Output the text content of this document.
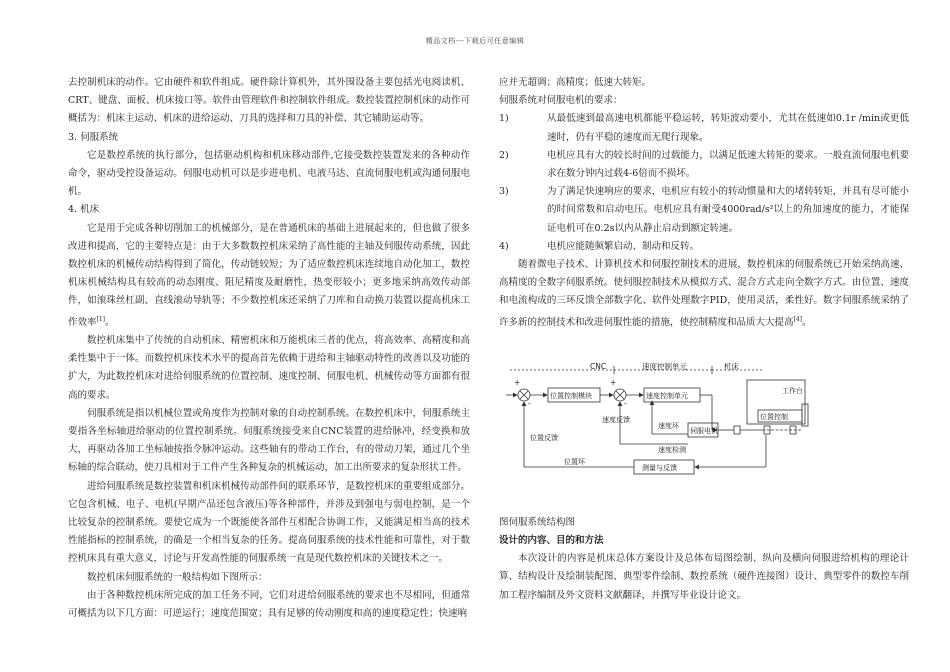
精品文档---下载后可任意编辑

去控制机床的动作。它由硬件和软件组成。硬件除计算机外，其外围设备主要包括光电阅读机、CRT、键盘、面板、机床接口等。软件由管理软件和控制软件组成。数控装置控制机床的动作可概括为：机床主运动、机床的进给运动、刀具的选择和刀具的补偿、其它辅助运动等。

3. 伺服系统

它是数控系统的执行部分，包括驱动机构和机床移动部件,它接受数控装置发来的各种动作命令，驱动受控设备运动。伺服电动机可以是步进电机、电液马达、直流伺服电机或沟通伺服电机。

4. 机床

它是用于完成各种切削加工的机械部分，是在普通机床的基础上进展起来的，但也做了很多改进和提高，它的主要特点是：由于大多数数控机床采纳了高性能的主轴及伺服传动系统，因此数控机床的机械传动结构得到了简化，传动链较短；为了适应数控机床连续地自动化加工，数控机床机械结构具有较高的动态刚度、阻尼精度及耐磨性，热变形较小；更多地采纳高效传动部件，如滚珠丝杠副、直线滚动导轨等；不少数控机床还采纳了刀库和自动换刀装置以提高机床工作效率[1]。

数控机床集中了传统的自动机床、精密机床和万能机床三者的优点，将高效率、高精度和高柔性集中于一体。而数控机床技术水平的提高首先依赖于进给和主轴驱动特性的改善以及功能的扩大，为此数控机床对进给伺服系统的位置控制、速度控制、伺服电机、机械传动等方面都有很高的要求。

伺服系统是指以机械位置或角度作为控制对象的自动控制系统。在数控机床中，伺服系统主要指各坐标轴进给驱动的位置控制系统。伺服系统接受来自CNC装置的进给脉冲，经变换和放大，再驱动各加工坐标轴按指令脉冲运动。这些轴有的带动工作台，有的带动刀架，通过几个坐标轴的综合联动，使刀具相对于工件产生各种复杂的机械运动，加工出所要求的复杂形状工件。

进给伺服系统是数控装置和机床机械传动部件间的联系环节，是数控机床的重要组成部分。它包含机械、电子、电机(早期产品还包含液压)等各种部件，并涉及到强电与弱电控制，是一个比较复杂的控制系统。要使它成为一个既能使各部件互相配合协调工作，又能满足相当高的技术性能指标的控制系统，的确是一个相当复杂的任务。提高伺服系统的技术性能和可靠性，对于数控机床具有重大意义，讨论与开发高性能的伺服系统一直是现代数控机床的关键技术之一。

数控机床伺服系统的一般结构如下图所示：

由于各种数控机床所完成的加工任务不同，它们对进给伺服系统的要求也不尽相同，但通常可概括为以下几方面：可逆运行；速度范围宽；具有足够的传动刚度和高的速度稳定性；快速响

应并无超调；高精度；低速大转矩。

伺服系统对伺服电机的要求：

1)	从最低速到最高速电机都能平稳运转，转矩波动要小，尤其在低速如0.1r /min或更低速时，仍有平稳的速度而无爬行现象。
2)	电机应具有大的较长时间的过载能力，以满足低速大转矩的要求。一般直流伺服电机要求在数分钟内过载4-6倍而不损坏。
3)	为了满足快速响应的要求，电机应有较小的转动惯量和大的堵转转矩，并具有尽可能小的时间常数和启动电压。电机应具有耐受4000rad/s²以上的角加速度的能力，才能保证电机可在0.2s以内从静止启动到额定转速。
4)	电机应能随频繁启动、制动和反转。

随着微电子技术、计算机技术和伺服控制技术的进展，数控机床的伺服系统已开始采纳高速、高精度的全数字伺服系统。使伺服控制技术从模拟方式、混合方式走向全数字方式。由位置、速度和电流构成的三环反馈全部数字化、软件处理数字PID，使用灵活，柔性好。数字伺服系统采纳了许多新的控制技术和改进伺服性能的措施，使控制精度和品质大大提高[4]。

CNC	速度控制单元	机床
+	+
-	-
位置控制模块	速度控制单元
伺服电机
工作台
位置控制
速度环
速度检测
速度反馈
位置反馈
位置环
测量与反馈
图伺服系统结构图

设计的内容、目的和方法

本次设计的内容是机床总体方案设计及总体布局图绘制、纵向及横向伺服进给机构的理论计算、结构设计及绘制装配图、典型零件绘制、数控系统（硬件连接图）设计、典型零件的数控车削加工程序编制及外文资料文献翻译，并撰写毕业设计论文。
